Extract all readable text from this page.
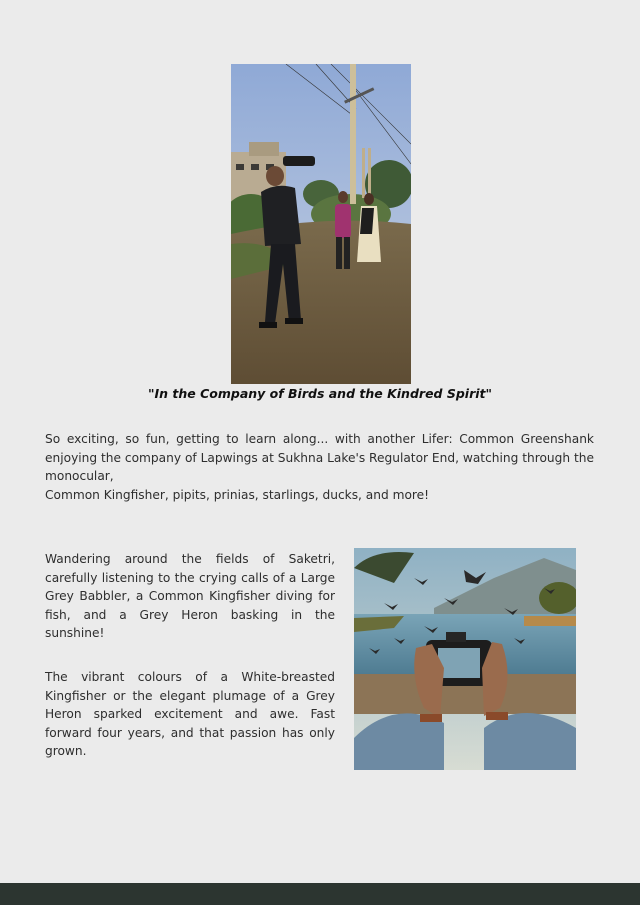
"In the Company of Birds and the Kindred Spirit"

So exciting, so fun, getting to learn along... with another Lifer: Common Greenshank enjoying the company of Lapwings at Sukhna Lake's Regulator End, watching through the monocular,
Common Kingfisher, pipits, prinias, starlings, ducks, and more!

Wandering around the fields of Saketri, carefully listening to the crying calls of a Large Grey Babbler, a Common Kingfisher diving for fish, and a Grey Heron basking in the sunshine!

The vibrant colours of a White-breasted Kingfisher or the elegant plumage of a Grey Heron sparked excitement and awe. Fast forward four years, and that passion has only grown.
